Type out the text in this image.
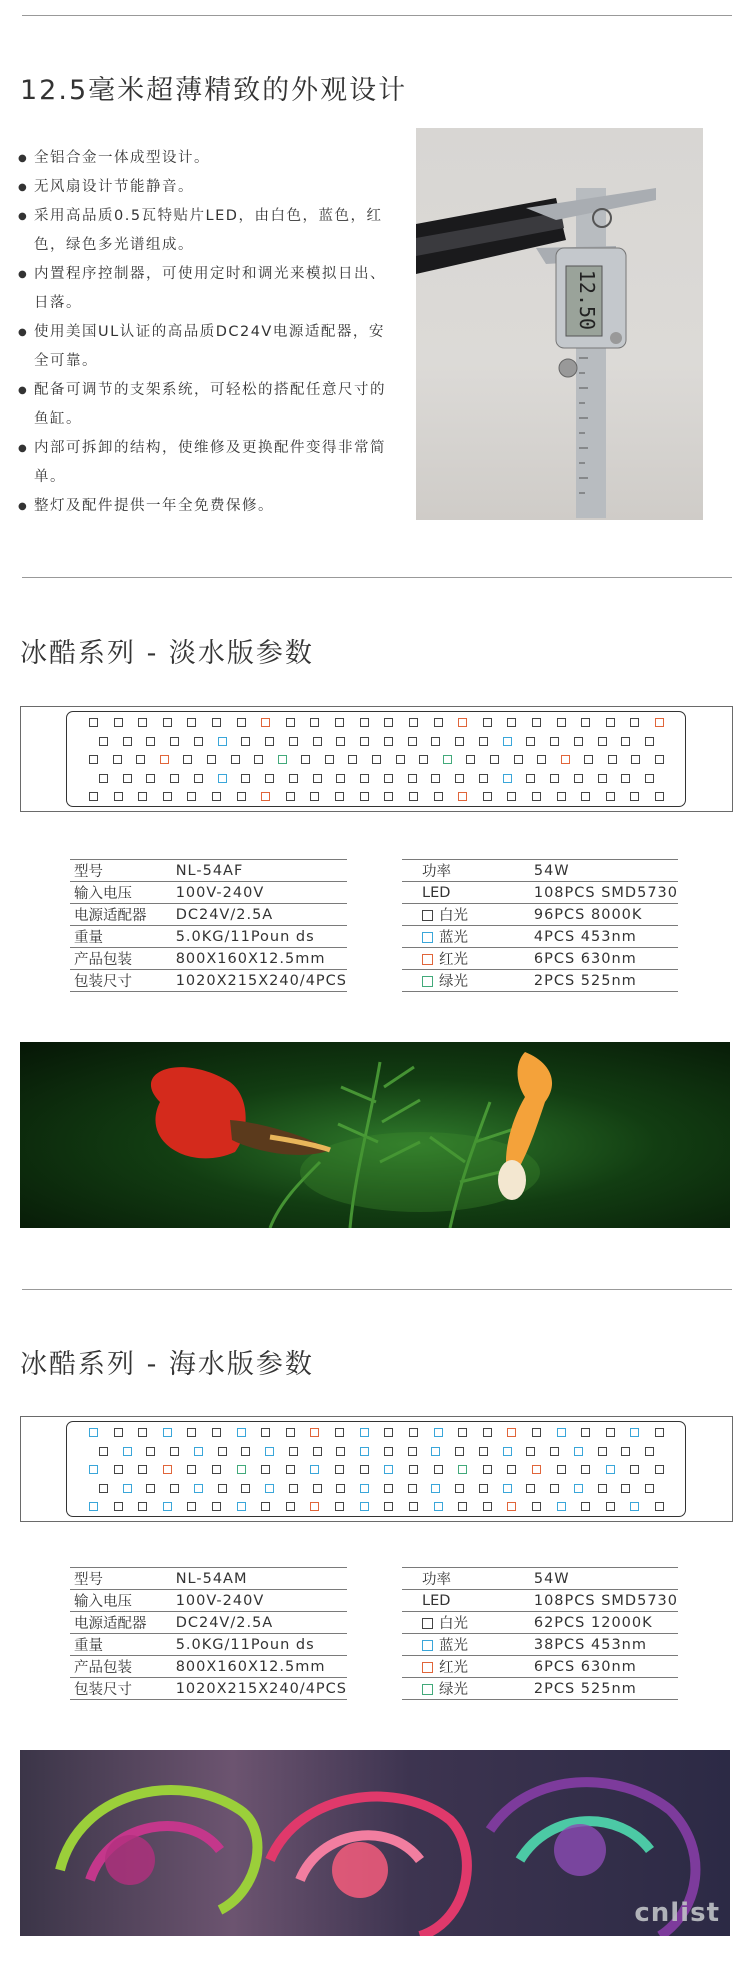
12.5毫米超薄精致的外观设计
● 全铝合金一体成型设计。
● 无风扇设计节能静音。
● 采用高品质0.5瓦特贴片LED，由白色，蓝色，红色，绿色多光谱组成。
● 内置程序控制器，可使用定时和调光来模拟日出、日落。
● 使用美国UL认证的高品质DC24V电源适配器，安全可靠。
● 配备可调节的支架系统，可轻松的搭配任意尺寸的鱼缸。
● 内部可拆卸的结构，使维修及更换配件变得非常简单。
● 整灯及配件提供一年全免费保修。
12.50
冰酷系列 - 淡水版参数
型号	NL-54AF
输入电压	100V-240V
电源适配器	DC24V/2.5A
重量	5.0KG/11Poun ds
产品包装	800X160X12.5mm
包装尺寸	1020X215X240/4PCS
功率	54W
LED	108PCS SMD5730
白光	96PCS 8000K
蓝光	4PCS 453nm
红光	6PCS 630nm
绿光	2PCS 525nm
冰酷系列 - 海水版参数
型号	NL-54AM
输入电压	100V-240V
电源适配器	DC24V/2.5A
重量	5.0KG/11Poun ds
产品包装	800X160X12.5mm
包装尺寸	1020X215X240/4PCS
功率	54W
LED	108PCS SMD5730
白光	62PCS 12000K
蓝光	38PCS 453nm
红光	6PCS 630nm
绿光	2PCS 525nm
cnlist
